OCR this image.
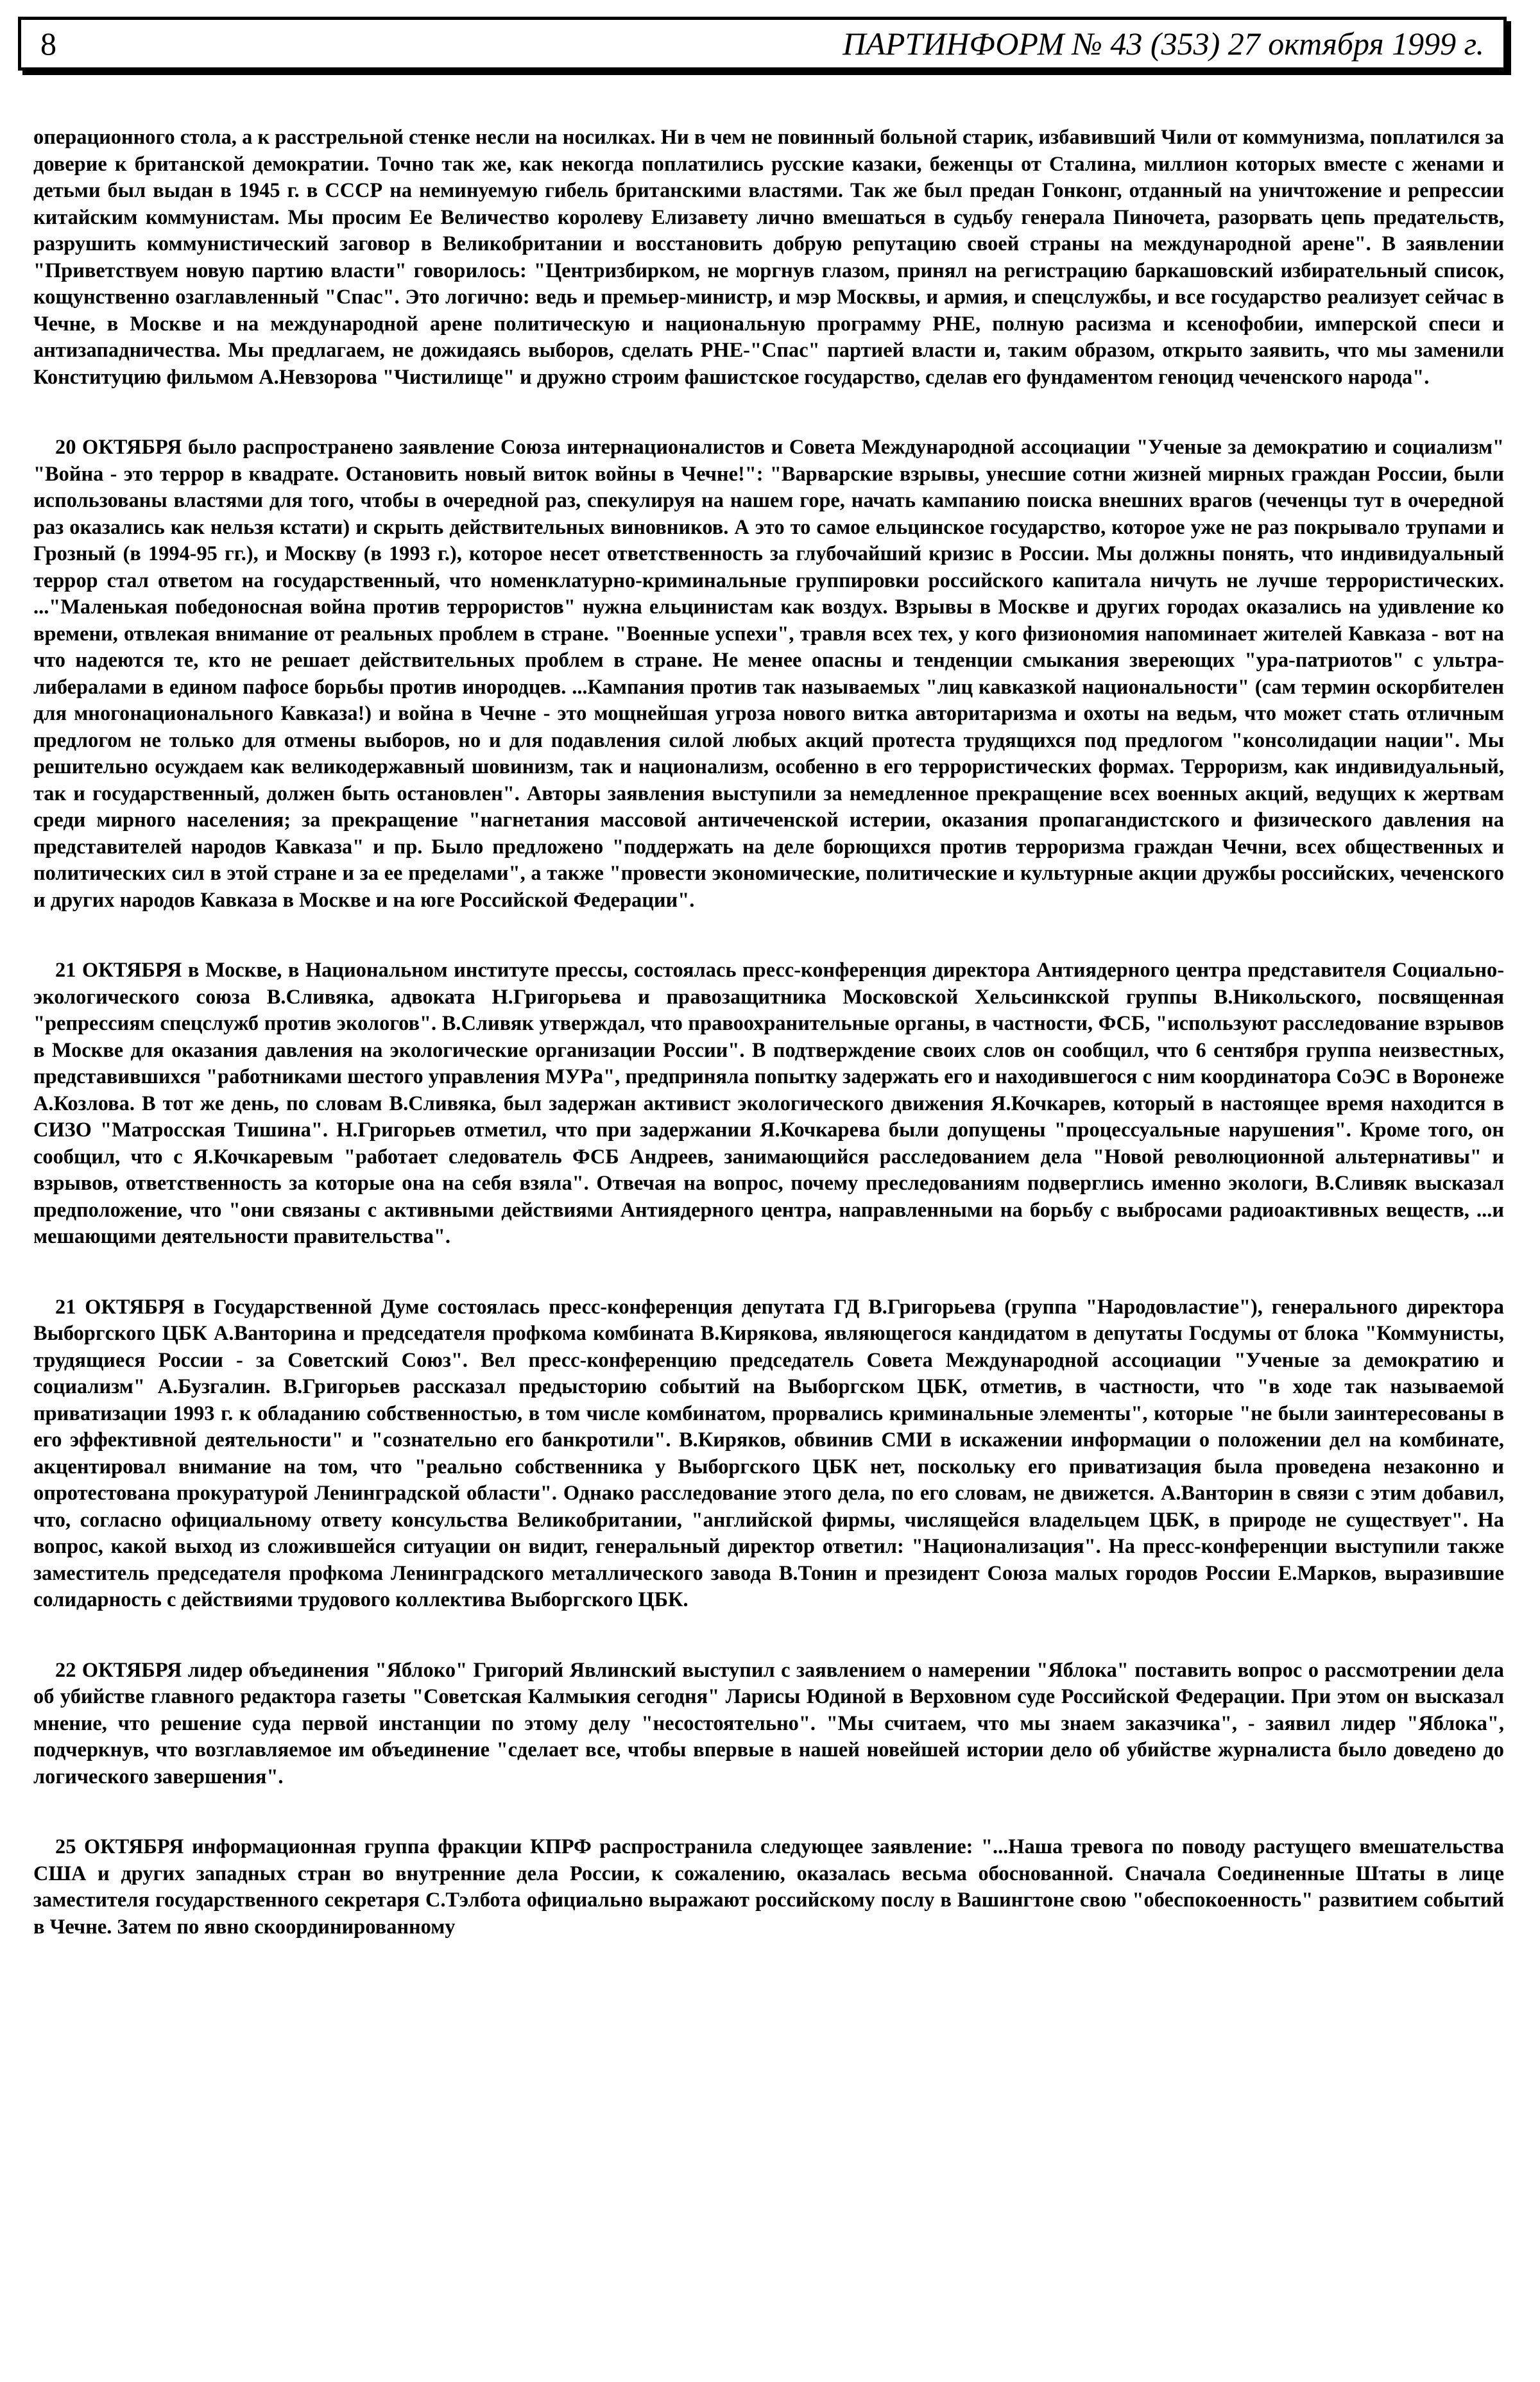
8	ПАРТИНФОРМ № 43 (353) 27 октября 1999 г.

операционного стола, а к расстрельной стенке несли на носилках. Ни в чем не повинный больной старик, избавивший Чили от коммунизма, поплатился за доверие к британской демократии. Точно так же, как некогда поплатились русские казаки, беженцы от Сталина, миллион которых вместе с женами и детьми был выдан в 1945 г. в СССР на неминуемую гибель британскими властями. Так же был предан Гонконг, отданный на уничтожение и репрессии китайским коммунистам. Мы просим Ее Величество королеву Елизавету лично вмешаться в судьбу генерала Пиночета, разорвать цепь предательств, разрушить коммунистический заговор в Великобритании и восстановить добрую репутацию своей страны на международной арене". В заявлении "Приветствуем новую партию власти" говорилось: "Центризбирком, не моргнув глазом, принял на регистрацию баркашовский избирательный список, кощунственно озаглавленный "Спас". Это логично: ведь и премьер-министр, и мэр Москвы, и армия, и спецслужбы, и все государство реализует сейчас в Чечне, в Москве и на международной арене политическую и национальную программу РНЕ, полную расизма и ксенофобии, имперской спеси и антизападничества. Мы предлагаем, не дожидаясь выборов, сделать РНЕ-"Спас" партией власти и, таким образом, открыто заявить, что мы заменили Конституцию фильмом А.Невзорова "Чистилище" и дружно строим фашистское государство, сделав его фундаментом геноцид чеченского народа".

20 ОКТЯБРЯ было распространено заявление Союза интернационалистов и Совета Международной ассоциации "Ученые за демократию и социализм" "Война - это террор в квадрате. Остановить новый виток войны в Чечне!": "Варварские взрывы, унесшие сотни жизней мирных граждан России, были использованы властями для того, чтобы в очередной раз, спекулируя на нашем горе, начать кампанию поиска внешних врагов (чеченцы тут в очередной раз оказались как нельзя кстати) и скрыть действительных виновников. А это то самое ельцинское государство, которое уже не раз покрывало трупами и Грозный (в 1994-95 гг.), и Москву (в 1993 г.), которое несет ответственность за глубочайший кризис в России. Мы должны понять, что индивидуальный террор стал ответом на государственный, что номенклатурно-криминальные группировки российского капитала ничуть не лучше террористических. ..."Маленькая победоносная война против террористов" нужна ельцинистам как воздух. Взрывы в Москве и других городах оказались на удивление ко времени, отвлекая внимание от реальных проблем в стране. "Военные успехи", травля всех тех, у кого физиономия напоминает жителей Кавказа - вот на что надеются те, кто не решает действительных проблем в стране. Не менее опасны и тенденции смыкания звереющих "ура-патриотов" с ультра-либералами в едином пафосе борьбы против инородцев. ...Кампания против так называемых "лиц кавказкой национальности" (сам термин оскорбителен для многонационального Кавказа!) и война в Чечне - это мощнейшая угроза нового витка авторитаризма и охоты на ведьм, что может стать отличным предлогом не только для отмены выборов, но и для подавления силой любых акций протеста трудящихся под предлогом "консолидации нации". Мы решительно осуждаем как великодержавный шовинизм, так и национализм, особенно в его террористических формах. Терроризм, как индивидуальный, так и государственный, должен быть остановлен". Авторы заявления выступили за немедленное прекращение всех военных акций, ведущих к жертвам среди мирного населения; за прекращение "нагнетания массовой античеченской истерии, оказания пропагандистского и физического давления на представителей народов Кавказа" и пр. Было предложено "поддержать на деле борющихся против терроризма граждан Чечни, всех общественных и политических сил в этой стране и за ее пределами", а также "провести экономические, политические и культурные акции дружбы российских, чеченского и других народов Кавказа в Москве и на юге Российской Федерации".

21 ОКТЯБРЯ в Москве, в Национальном институте прессы, состоялась пресс-конференция директора Антиядерного центра представителя Социально-экологического союза В.Сливяка, адвоката Н.Григорьева и правозащитника Московской Хельсинкской группы В.Никольского, посвященная "репрессиям спецслужб против экологов". В.Сливяк утверждал, что правоохранительные органы, в частности, ФСБ, "используют расследование взрывов в Москве для оказания давления на экологические организации России". В подтверждение своих слов он сообщил, что 6 сентября группа неизвестных, представившихся "работниками шестого управления МУРа", предприняла попытку задержать его и находившегося с ним координатора СоЭС в Воронеже А.Козлова. В тот же день, по словам В.Сливяка, был задержан активист экологического движения Я.Кочкарев, который в настоящее время находится в СИЗО "Матросская Тишина". Н.Григорьев отметил, что при задержании Я.Кочкарева были допущены "процессуальные нарушения". Кроме того, он сообщил, что с Я.Кочкаревым "работает следователь ФСБ Андреев, занимающийся расследованием дела "Новой революционной альтернативы" и взрывов, ответственность за которые она на себя взяла". Отвечая на вопрос, почему преследованиям подверглись именно экологи, В.Сливяк высказал предположение, что "они связаны с активными действиями Антиядерного центра, направленными на борьбу с выбросами радиоактивных веществ, ...и мешающими деятельности правительства".

21 ОКТЯБРЯ в Государственной Думе состоялась пресс-конференция депутата ГД В.Григорьева (группа "Народовластие"), генерального директора Выборгского ЦБК А.Ванторина и председателя профкома комбината В.Кирякова, являющегося кандидатом в депутаты Госдумы от блока "Коммунисты, трудящиеся России - за Советский Союз". Вел пресс-конференцию председатель Совета Международной ассоциации "Ученые за демократию и социализм" А.Бузгалин. В.Григорьев рассказал предысторию событий на Выборгском ЦБК, отметив, в частности, что "в ходе так называемой приватизации 1993 г. к обладанию собственностью, в том числе комбинатом, прорвались криминальные элементы", которые "не были заинтересованы в его эффективной деятельности" и "сознательно его банкротили". В.Киряков, обвинив СМИ в искажении информации о положении дел на комбинате, акцентировал внимание на том, что "реально собственника у Выборгского ЦБК нет, поскольку его приватизация была проведена незаконно и опротестована прокуратурой Ленинградской области". Однако расследование этого дела, по его словам, не движется. А.Ванторин в связи с этим добавил, что, согласно официальному ответу консульства Великобритании, "английской фирмы, числящейся владельцем ЦБК, в природе не существует". На вопрос, какой выход из сложившейся ситуации он видит, генеральный директор ответил: "Национализация". На пресс-конференции выступили также заместитель председателя профкома Ленинградского металлического завода В.Тонин и президент Союза малых городов России Е.Марков, выразившие солидарность с действиями трудового коллектива Выборгского ЦБК.

22 ОКТЯБРЯ лидер объединения "Яблоко" Григорий Явлинский выступил с заявлением о намерении "Яблока" поставить вопрос о рассмотрении дела об убийстве главного редактора газеты "Советская Калмыкия сегодня" Ларисы Юдиной в Верховном суде Российской Федерации. При этом он высказал мнение, что решение суда первой инстанции по этому делу "несостоятельно". "Мы считаем, что мы знаем заказчика", - заявил лидер "Яблока", подчеркнув, что возглавляемое им объединение "сделает все, чтобы впервые в нашей новейшей истории дело об убийстве журналиста было доведено до логического завершения".

25 ОКТЯБРЯ информационная группа фракции КПРФ распространила следующее заявление: "...Наша тревога по поводу растущего вмешательства США и других западных стран во внутренние дела России, к сожалению, оказалась весьма обоснованной. Сначала Соединенные Штаты в лице заместителя государственного секретаря С.Тэлбота официально выражают российскому послу в Вашингтоне свою "обеспокоенность" развитием событий в Чечне. Затем по явно скоординированному
